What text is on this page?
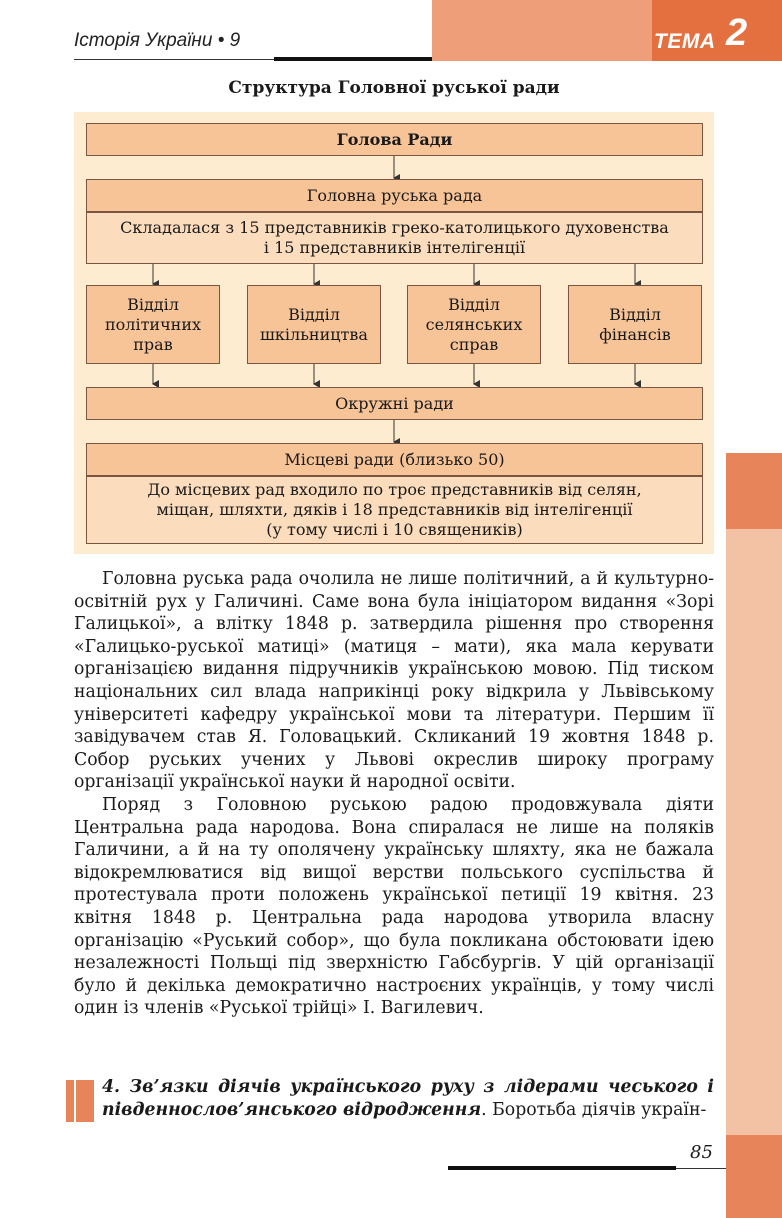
Історія України • 9	ТЕМА 2
Структура Головної руської ради
Голова Ради
Головна руська рада
Складалася з 15 представників греко-католицького духовенства
і 15 представників інтелігенції
Відділ
політичних
прав
Відділ
шкільництва
Відділ
селянських
справ
Відділ
фінансів
Окружні ради
Місцеві ради (близько 50)
До місцевих рад входило по троє представників від селян,
міщан, шляхти, дяків і 18 представників від інтелігенції
(у тому числі і 10 священиків)

Головна руська рада очолила не лише політичний, а й культурно-освітній рух у Галичині. Саме вона була ініціатором видання «Зорі Галицької», а влітку 1848 р. затвердила рішення про створення «Галицько-руської матиці» (матиця – мати), яка мала керувати організацією видання підручників українською мовою. Під тиском національних сил влада наприкінці року відкрила у Львівському університеті кафедру української мови та літератури. Першим її завідувачем став Я. Головацький. Скликаний 19 жовтня 1848 р. Собор руських учених у Львові окреслив широку програму організації української науки й народної освіти.

Поряд з Головною руською радою продовжувала діяти Центральна рада народова. Вона спиралася не лише на поляків Галичини, а й на ту ополячену українську шляхту, яка не бажала відокремлюватися від вищої верстви польського суспільства й протестувала проти положень української петиції 19 квітня. 23 квітня 1848 р. Центральна рада народова утворила власну організацію «Руський собор», що була покликана обстоювати ідею незалежності Польщі під зверхністю Габсбургів. У цій організації було й декілька демократично настроєних українців, у тому числі один із членів «Руської трійці» І. Вагилевич.

4. Зв’язки діячів українського руху з лідерами чеського і південнослов’янського відродження. Боротьба діячів україн-
85
